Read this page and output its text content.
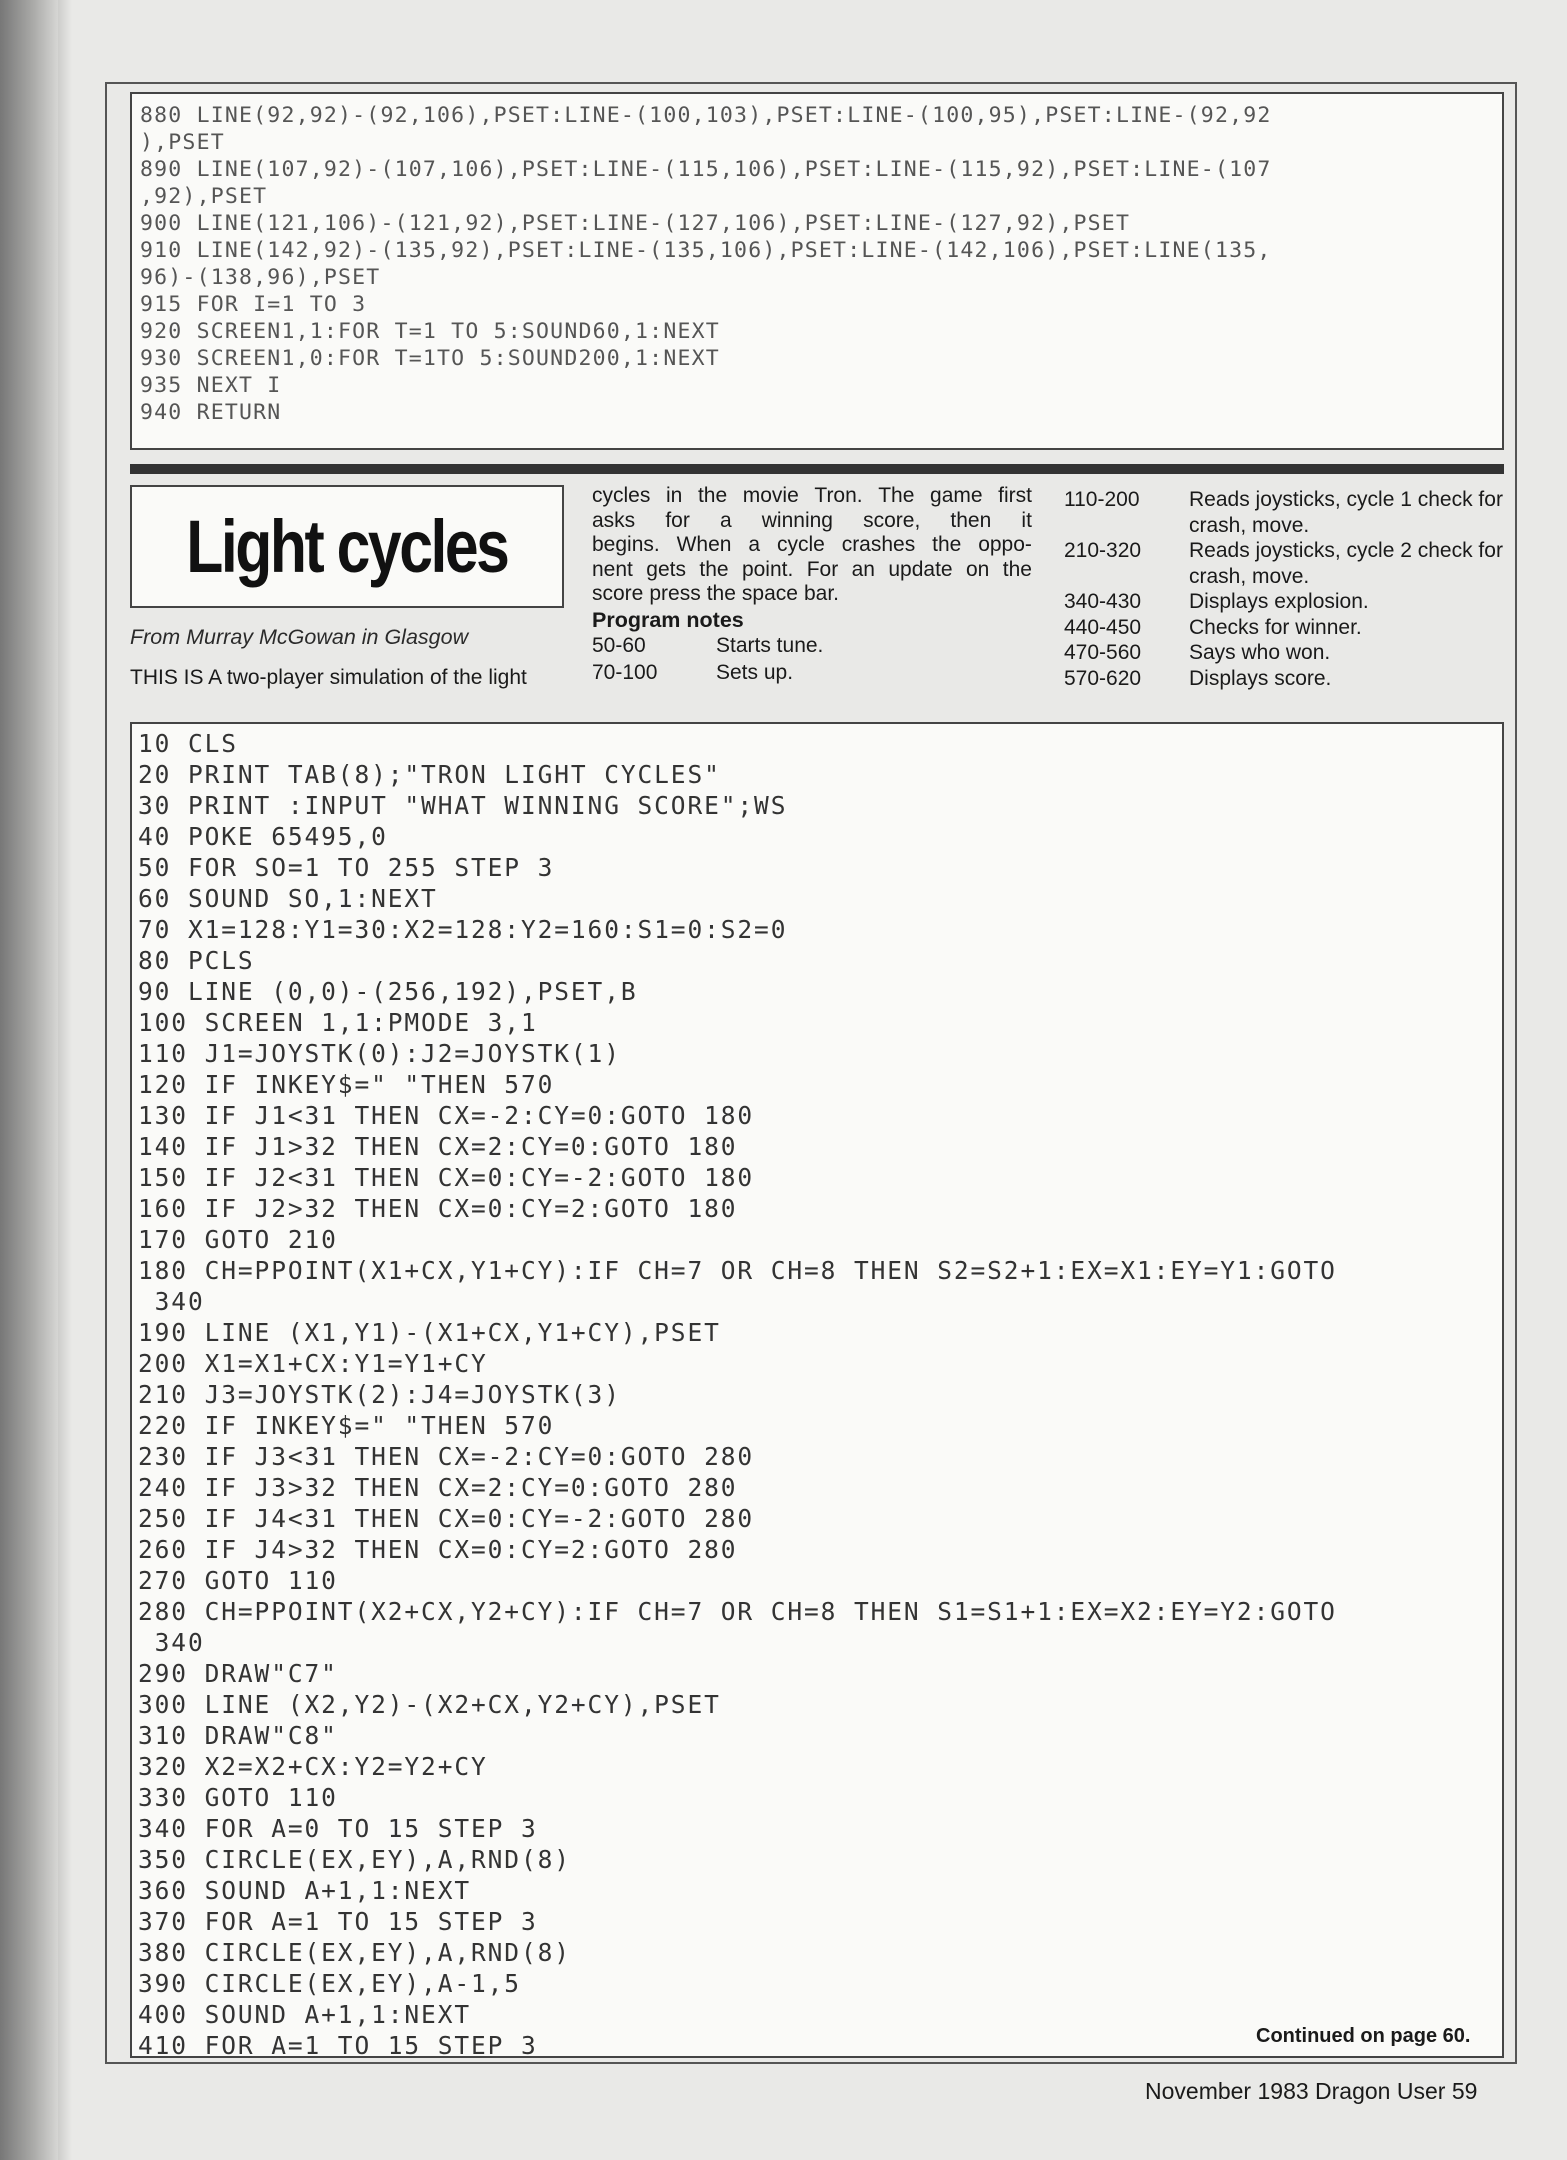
880 LINE(92,92)-(92,106),PSET:LINE-(100,103),PSET:LINE-(100,95),PSET:LINE-(92,92
),PSET
890 LINE(107,92)-(107,106),PSET:LINE-(115,106),PSET:LINE-(115,92),PSET:LINE-(107
,92),PSET
900 LINE(121,106)-(121,92),PSET:LINE-(127,106),PSET:LINE-(127,92),PSET
910 LINE(142,92)-(135,92),PSET:LINE-(135,106),PSET:LINE-(142,106),PSET:LINE(135,
96)-(138,96),PSET
915 FOR I=1 TO 3
920 SCREEN1,1:FOR T=1 TO 5:SOUND60,1:NEXT
930 SCREEN1,0:FOR T=1TO 5:SOUND200,1:NEXT
935 NEXT I
940 RETURN
Light cycles
From Murray McGowan in Glasgow
THIS IS A two-player simulation of the light
cycles in the movie Tron. The game first
asks for a winning score, then it
begins. When a cycle crashes the oppo-
nent gets the point. For an update on the
score press the space bar.
Program notes
50-60	Starts tune.
70-100	Sets up.
110-200	Reads joysticks, cycle 1 check for crash, move.
210-320	Reads joysticks, cycle 2 check for crash, move.
340-430	Displays explosion.
440-450	Checks for winner.
470-560	Says who won.
570-620	Displays score.
10 CLS
20 PRINT TAB(8);"TRON LIGHT CYCLES"
30 PRINT :INPUT "WHAT WINNING SCORE";WS
40 POKE 65495,0
50 FOR SO=1 TO 255 STEP 3
60 SOUND SO,1:NEXT
70 X1=128:Y1=30:X2=128:Y2=160:S1=0:S2=0
80 PCLS
90 LINE (0,0)-(256,192),PSET,B
100 SCREEN 1,1:PMODE 3,1
110 J1=JOYSTK(0):J2=JOYSTK(1)
120 IF INKEY$=" "THEN 570
130 IF J1<31 THEN CX=-2:CY=0:GOTO 180
140 IF J1>32 THEN CX=2:CY=0:GOTO 180
150 IF J2<31 THEN CX=0:CY=-2:GOTO 180
160 IF J2>32 THEN CX=0:CY=2:GOTO 180
170 GOTO 210
180 CH=PPOINT(X1+CX,Y1+CY):IF CH=7 OR CH=8 THEN S2=S2+1:EX=X1:EY=Y1:GOTO
340
190 LINE (X1,Y1)-(X1+CX,Y1+CY),PSET
200 X1=X1+CX:Y1=Y1+CY
210 J3=JOYSTK(2):J4=JOYSTK(3)
220 IF INKEY$=" "THEN 570
230 IF J3<31 THEN CX=-2:CY=0:GOTO 280
240 IF J3>32 THEN CX=2:CY=0:GOTO 280
250 IF J4<31 THEN CX=0:CY=-2:GOTO 280
260 IF J4>32 THEN CX=0:CY=2:GOTO 280
270 GOTO 110
280 CH=PPOINT(X2+CX,Y2+CY):IF CH=7 OR CH=8 THEN S1=S1+1:EX=X2:EY=Y2:GOTO
340
290 DRAW"C7"
300 LINE (X2,Y2)-(X2+CX,Y2+CY),PSET
310 DRAW"C8"
320 X2=X2+CX:Y2=Y2+CY
330 GOTO 110
340 FOR A=0 TO 15 STEP 3
350 CIRCLE(EX,EY),A,RND(8)
360 SOUND A+1,1:NEXT
370 FOR A=1 TO 15 STEP 3
380 CIRCLE(EX,EY),A,RND(8)
390 CIRCLE(EX,EY),A-1,5
400 SOUND A+1,1:NEXT
410 FOR A=1 TO 15 STEP 3	Continued on page 60.
November 1983 Dragon User 59
